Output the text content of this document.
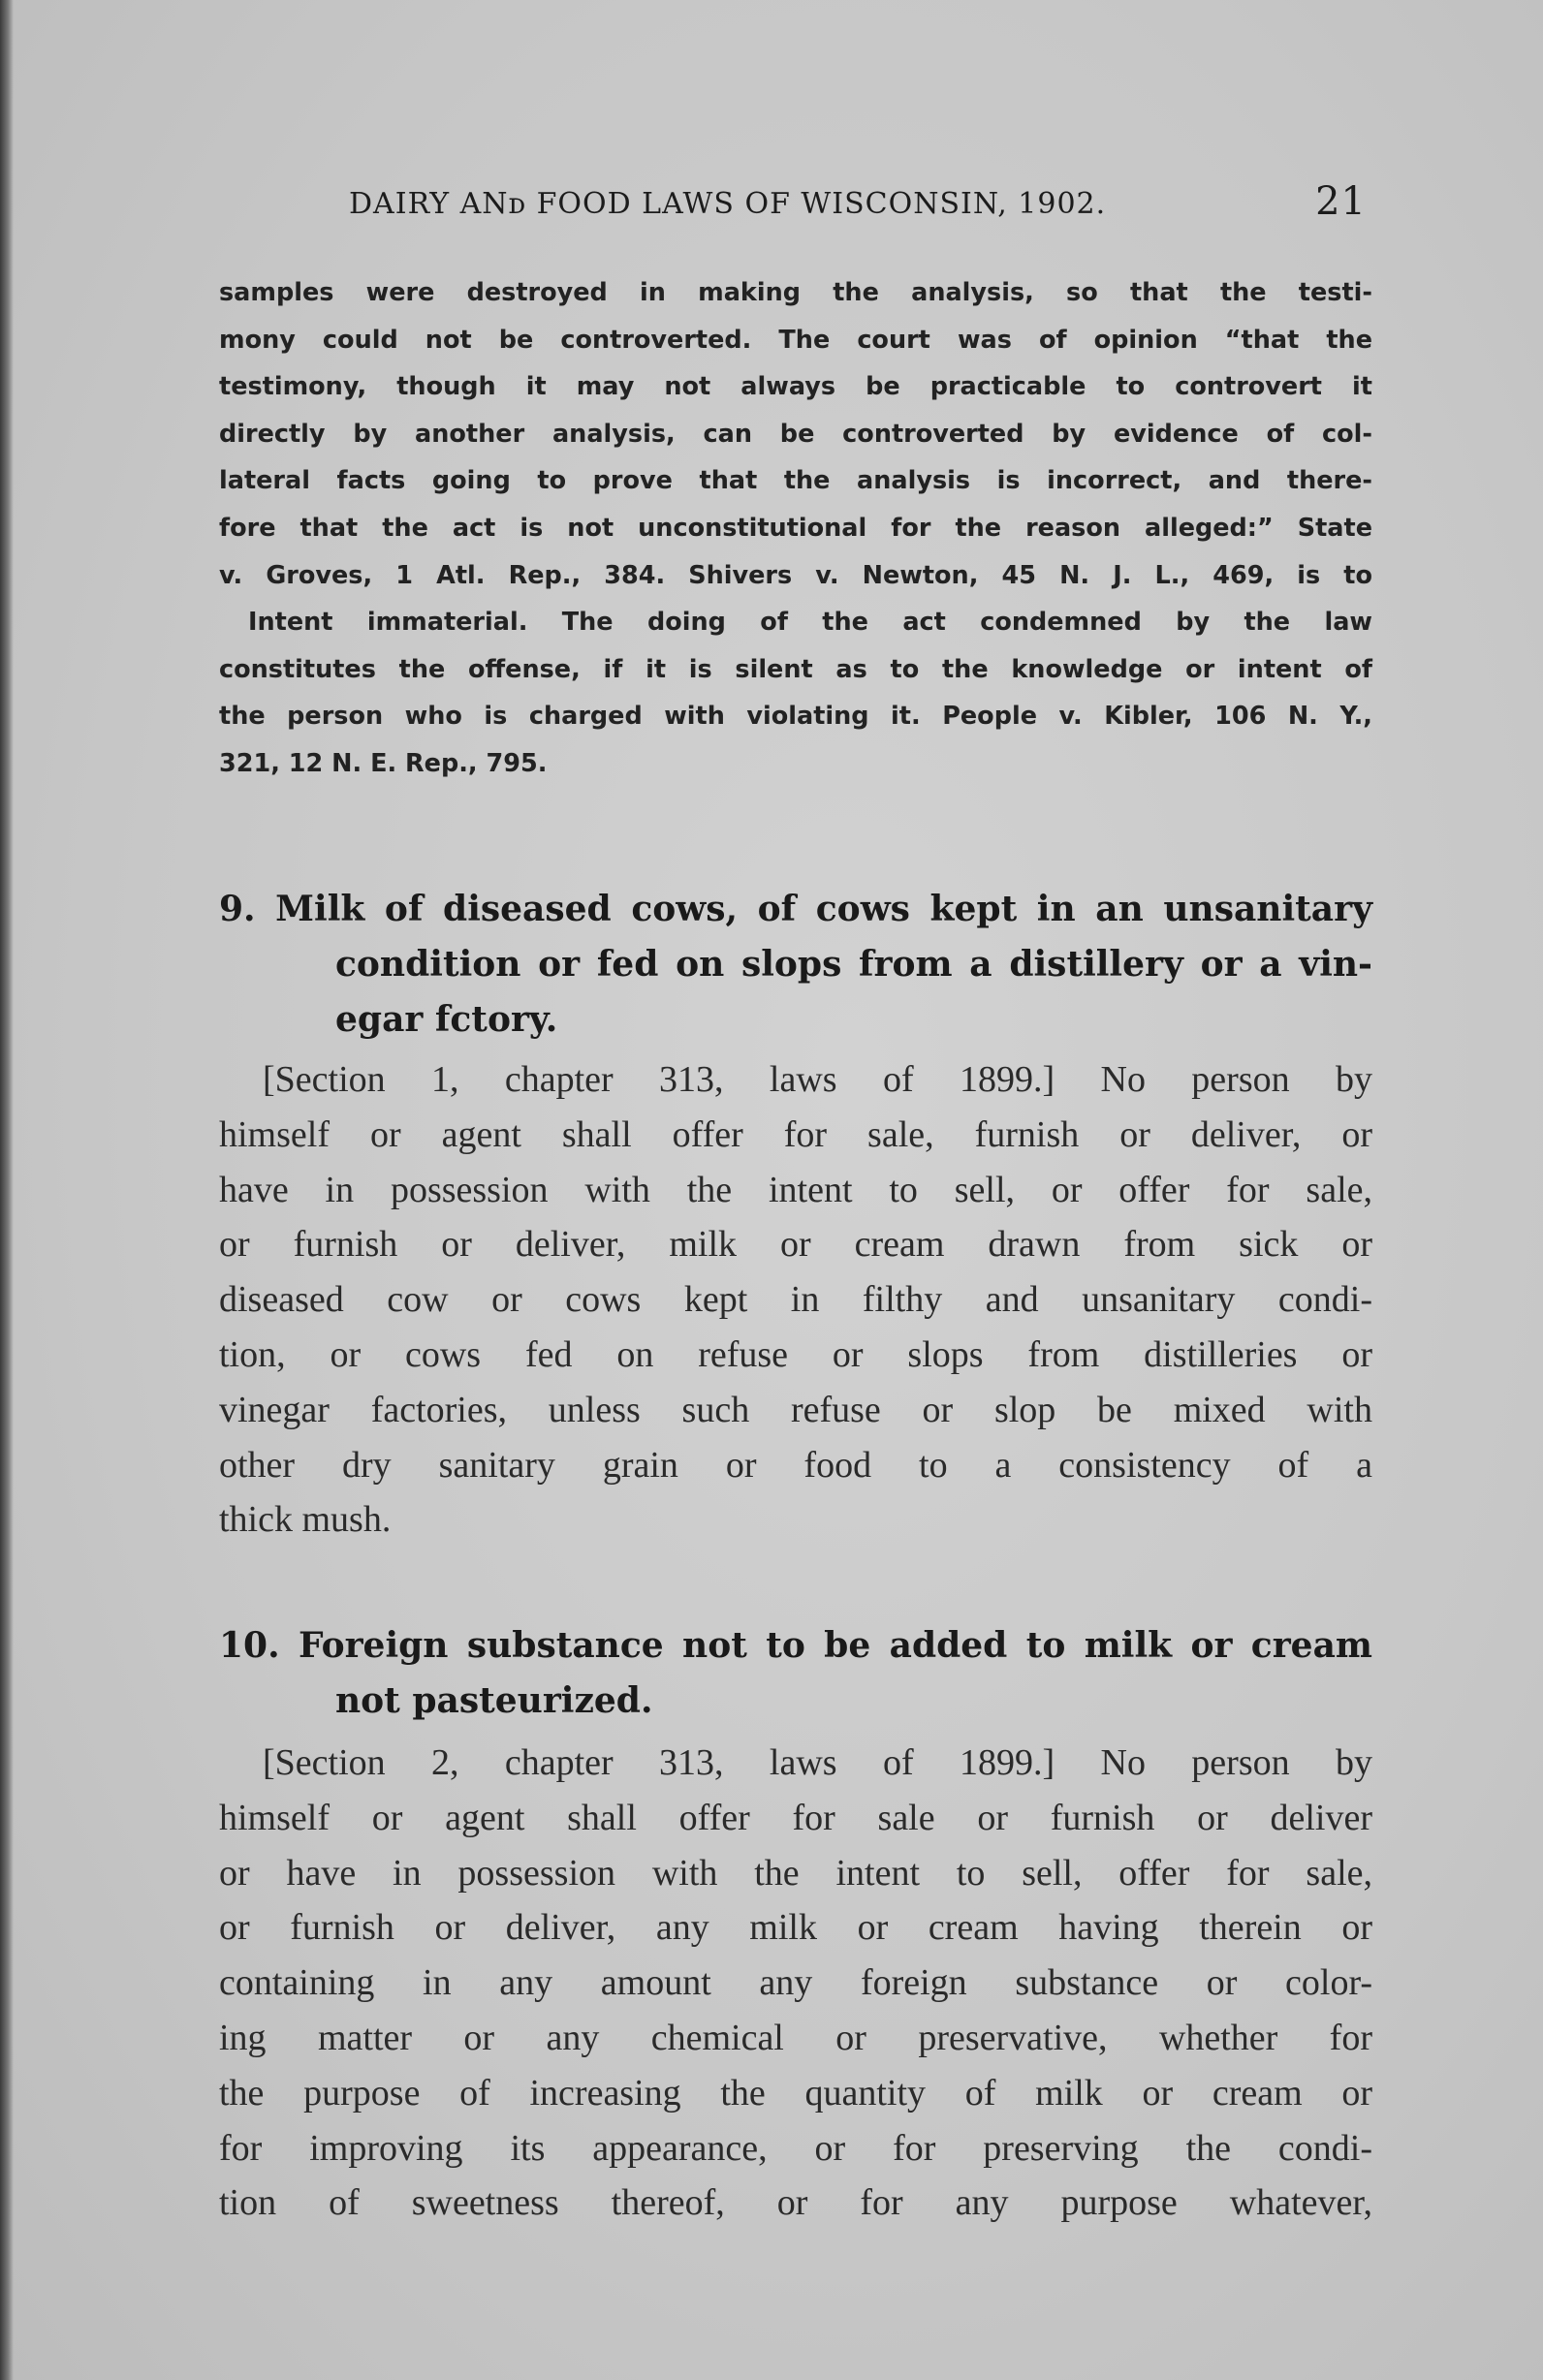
DAIRY ANᴅ FOOD LAWS OF WISCONSIN, 1902.	21
samples were destroyed in making the analysis, so that the testi-
mony could not be controverted. The court was of opinion “that the
testimony, though it may not always be practicable to controvert it
directly by another analysis, can be controverted by evidence of col-
lateral facts going to prove that the analysis is incorrect, and there-
fore that the act is not unconstitutional for the reason alleged:” State
v. Groves, 1 Atl. Rep., 384. Shivers v. Newton, 45 N. J. L., 469, is to
Intent immaterial. The doing of the act condemned by the law
constitutes the offense, if it is silent as to the knowledge or intent of
the person who is charged with violating it. People v. Kibler, 106 N. Y.,
321, 12 N. E. Rep., 795.
9. Milk of diseased cows, of cows kept in an unsanitary
condition or fed on slops from a distillery or a vin-
egar fctory.
[Section 1, chapter 313, laws of 1899.] No person by
himself or agent shall offer for sale, furnish or deliver, or
have in possession with the intent to sell, or offer for sale,
or furnish or deliver, milk or cream drawn from sick or
diseased cow or cows kept in filthy and unsanitary condi-
tion, or cows fed on refuse or slops from distilleries or
vinegar factories, unless such refuse or slop be mixed with
other dry sanitary grain or food to a consistency of a
thick mush.
10. Foreign substance not to be added to milk or cream
not pasteurized.
[Section 2, chapter 313, laws of 1899.] No person by
himself or agent shall offer for sale or furnish or deliver
or have in possession with the intent to sell, offer for sale,
or furnish or deliver, any milk or cream having therein or
containing in any amount any foreign substance or color-
ing matter or any chemical or preservative, whether for
the purpose of increasing the quantity of milk or cream or
for improving its appearance, or for preserving the condi-
tion of sweetness thereof, or for any purpose whatever,
